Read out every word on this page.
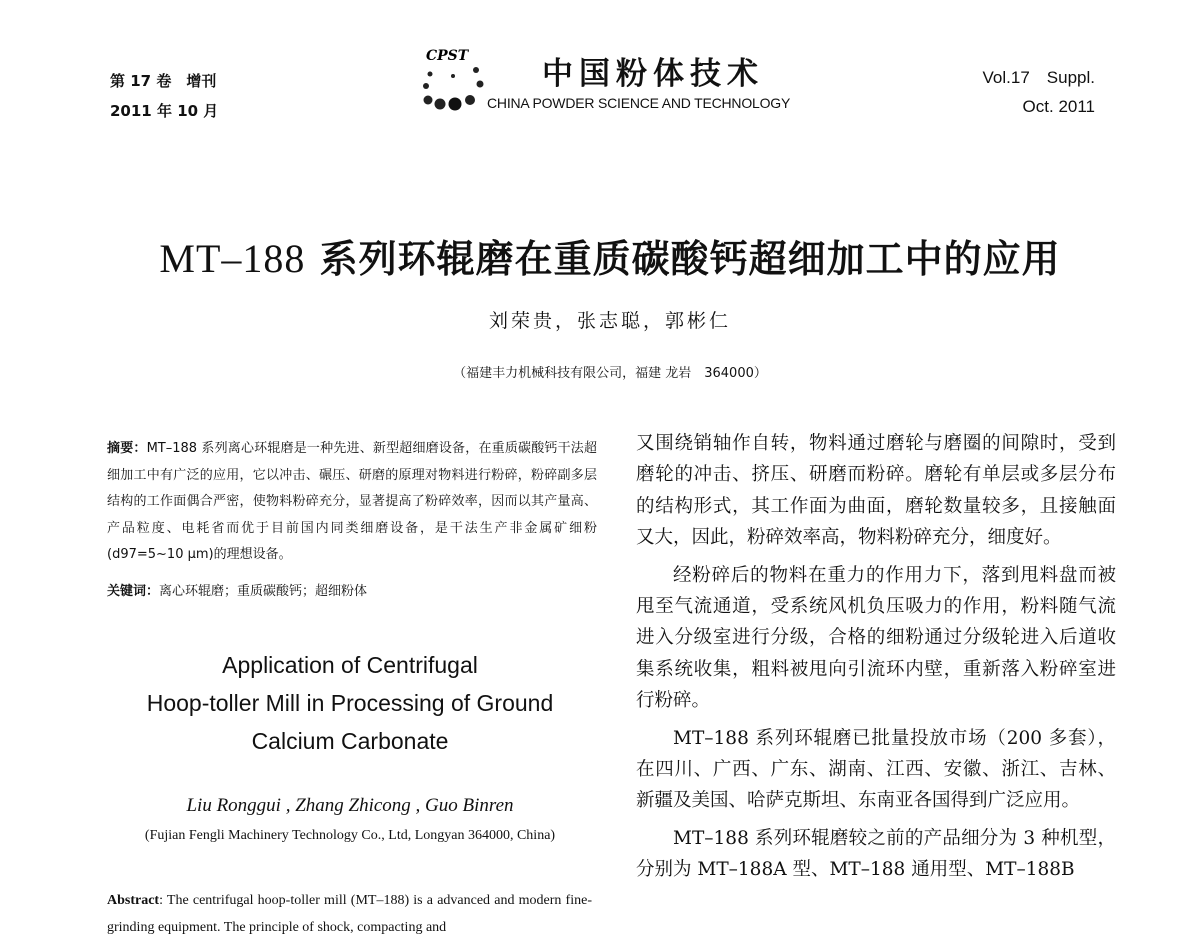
第 17 卷　增刊
2011 年 10 月
CPST 中国粉体技术
CHINA POWDER SCIENCE AND TECHNOLOGY
Vol.17　Suppl.
Oct. 2011
MT–188 系列环辊磨在重质碳酸钙超细加工中的应用
刘荣贵，张志聪，郭彬仁
（福建丰力机械科技有限公司，福建 龙岩　364000）
摘要：MT–188 系列离心环辊磨是一种先进、新型超细磨设备，在重质碳酸钙干法超细加工中有广泛的应用，它以冲击、碾压、研磨的原理对物料进行粉碎，粉碎副多层结构的工作面偶合严密，使物料粉碎充分，显著提高了粉碎效率，因而以其产量高、产品粒度、电耗省而优于目前国内同类细磨设备，是干法生产非金属矿细粉(d97=5~10 μm)的理想设备。
关键词：离心环辊磨；重质碳酸钙；超细粉体
Application of Centrifugal
Hoop-toller Mill in Processing of Ground
Calcium Carbonate
Liu Ronggui , Zhang Zhicong , Guo Binren
(Fujian Fengli Machinery Technology Co., Ltd, Longyan 364000, China)
Abstract: The centrifugal hoop-toller mill (MT–188) is a advanced and modern fine-grinding equipment. The principle of shock, compacting and

又围绕销轴作自转，物料通过磨轮与磨圈的间隙时，受到磨轮的冲击、挤压、研磨而粉碎。磨轮有单层或多层分布的结构形式，其工作面为曲面，磨轮数量较多，且接触面又大，因此，粉碎效率高，物料粉碎充分，细度好。

经粉碎后的物料在重力的作用力下，落到甩料盘而被甩至气流通道，受系统风机负压吸力的作用，粉料随气流进入分级室进行分级，合格的细粉通过分级轮进入后道收集系统收集，粗料被甩向引流环内壁，重新落入粉碎室进行粉碎。

MT–188 系列环辊磨已批量投放市场（200 多套），在四川、广西、广东、湖南、江西、安徽、浙江、吉林、新疆及美国、哈萨克斯坦、东南亚各国得到广泛应用。

MT–188 系列环辊磨较之前的产品细分为 3 种机型，分别为 MT–188A 型、MT–188 通用型、MT–188B
